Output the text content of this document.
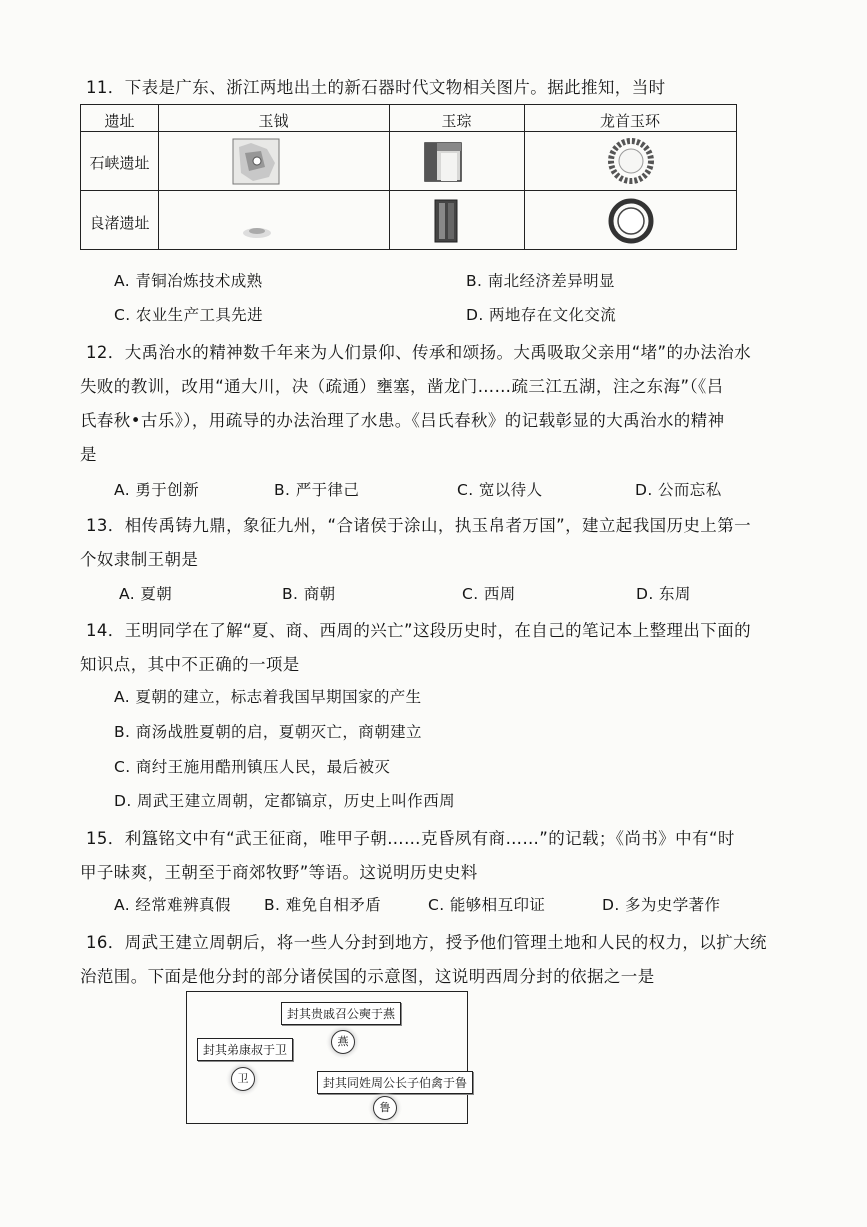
11．下表是广东、浙江两地出土的新石器时代文物相关图片。据此推知，当时
遗址	玉钺	玉琮	龙首玉环
石峡遗址
良渚遗址
A. 青铜冶炼技术成熟	B. 南北经济差异明显
C. 农业生产工具先进	D. 两地存在文化交流
12．大禹治水的精神数千年来为人们景仰、传承和颂扬。大禹吸取父亲用“堵”的办法治水
失败的教训，改用“通大川，决（疏通）壅塞，凿龙门……疏三江五湖，注之东海”（《吕
氏春秋•古乐》），用疏导的办法治理了水患。《吕氏春秋》的记载彰显的大禹治水的精神
是
A. 勇于创新	B. 严于律己	C. 宽以待人	D. 公而忘私
13．相传禹铸九鼎，象征九州，“合诸侯于涂山，执玉帛者万国”，建立起我国历史上第一
个奴隶制王朝是
A. 夏朝	B. 商朝	C. 西周	D. 东周
14．王明同学在了解“夏、商、西周的兴亡”这段历史时，在自己的笔记本上整理出下面的
知识点，其中不正确的一项是
A. 夏朝的建立，标志着我国早期国家的产生
B. 商汤战胜夏朝的启，夏朝灭亡，商朝建立
C. 商纣王施用酷刑镇压人民，最后被灭
D. 周武王建立周朝，定都镐京，历史上叫作西周
15．利簋铭文中有“武王征商，唯甲子朝……克昏夙有商……”的记载；《尚书》中有“时
甲子昧爽，王朝至于商郊牧野”等语。这说明历史史料
A. 经常难辨真假 B. 难免自相矛盾	C. 能够相互印证	D. 多为史学著作
16．周武王建立周朝后，将一些人分封到地方，授予他们管理土地和人民的权力，以扩大统
治范围。下面是他分封的部分诸侯国的示意图，这说明西周分封的依据之一是
封其贵戚召公奭于燕
燕
封其弟康叔于卫
卫	封其同姓周公长子伯禽于鲁
鲁
